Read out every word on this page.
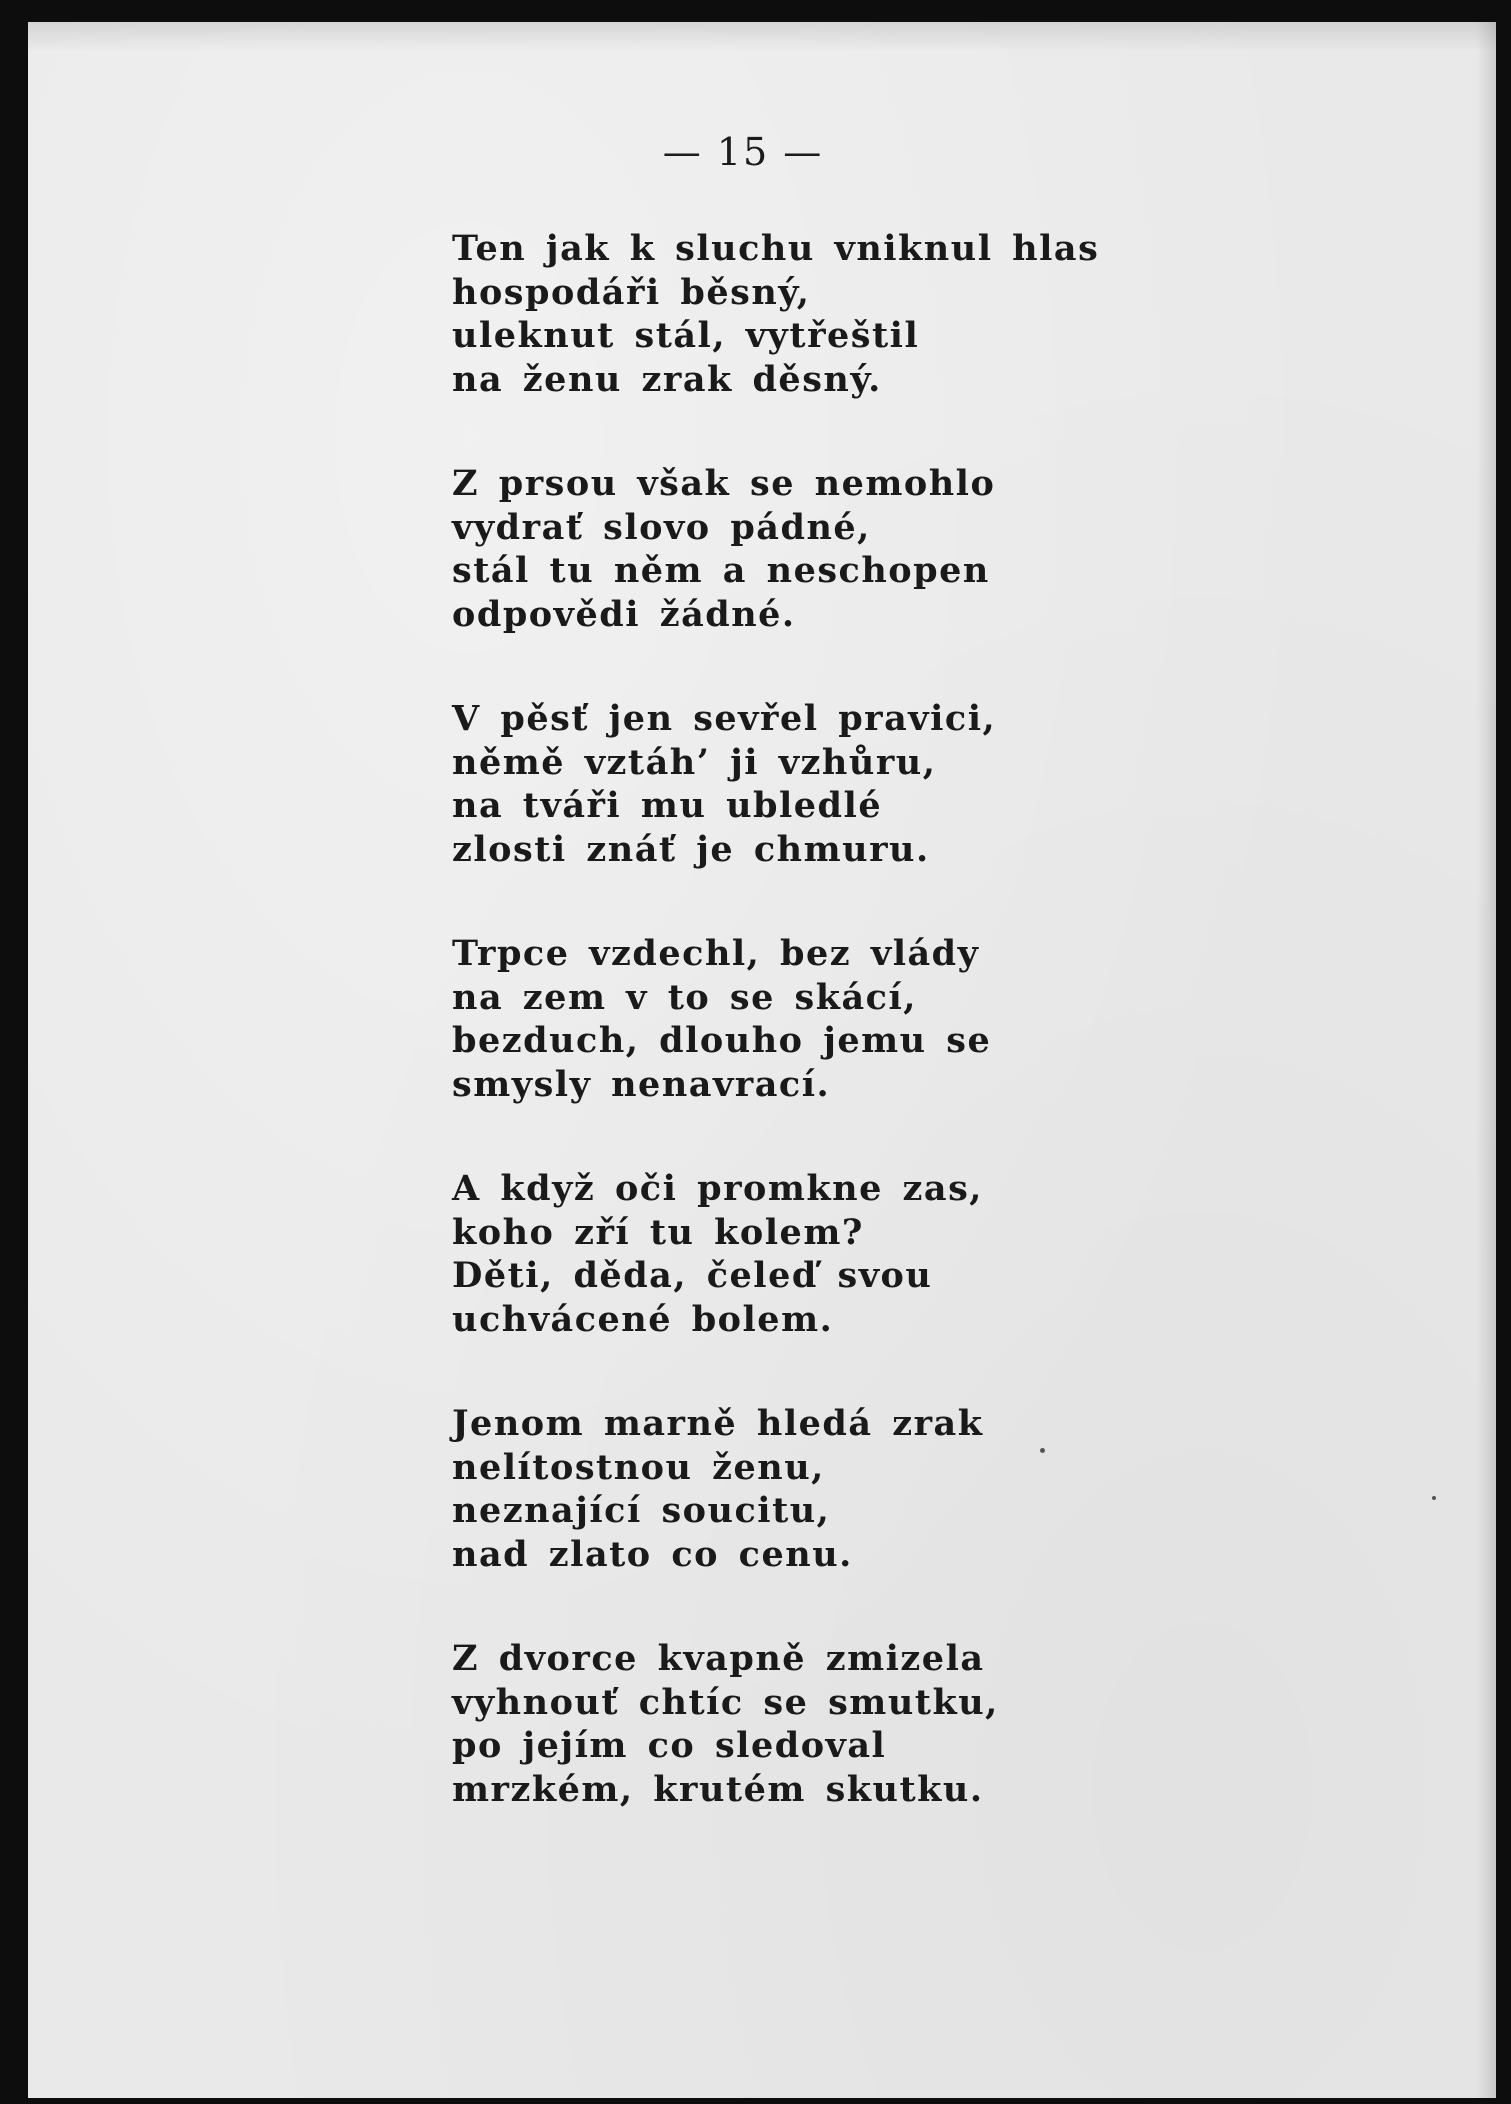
— 15 —
Ten jak k sluchu vniknul hlas
hospodáři běsný,
uleknut stál, vytřeštil
na ženu zrak děsný.
Z prsou však se nemohlo
vydrať slovo pádné,
stál tu něm a neschopen
odpovědi žádné.
V pěsť jen sevřel pravici,
němě vztáh’ ji vzhůru,
na tváři mu ubledlé
zlosti znáť je chmuru.
Trpce vzdechl, bez vlády
na zem v to se skácí,
bezduch, dlouho jemu se
smysly nenavrací.
A když oči promkne zas,
koho zří tu kolem?
Děti, děda, čeleď svou
uchvácené bolem.
Jenom marně hledá zrak
nelítostnou ženu,
neznající soucitu,
nad zlato co cenu.
Z dvorce kvapně zmizela
vyhnouť chtíc se smutku,
po jejím co sledoval
mrzkém, krutém skutku.
